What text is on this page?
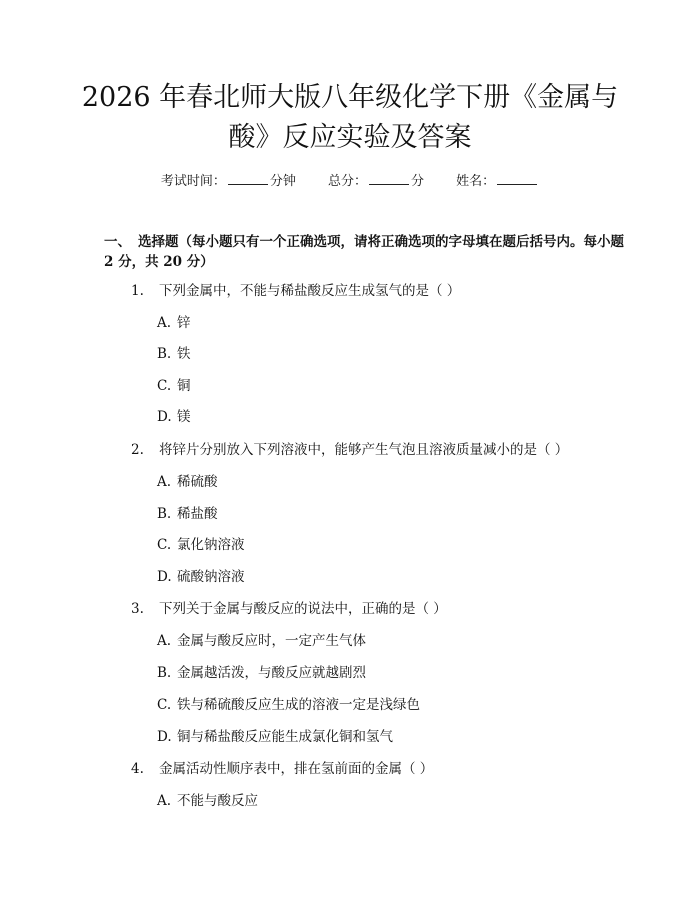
2026 年春北师大版八年级化学下册《金属与
酸》反应实验及答案
考试时间：	分钟 总分：	分 姓名：
一、 选择题（每小题只有一个正确选项，请将正确选项的字母填在题后括号内。每小题 2 分，共 20 分）
1. 下列金属中，不能与稀盐酸反应生成氢气的是（ ）
A. 锌
B. 铁
C. 铜
D. 镁
2. 将锌片分别放入下列溶液中，能够产生气泡且溶液质量减小的是（ ）
A. 稀硫酸
B. 稀盐酸
C. 氯化钠溶液
D. 硫酸钠溶液
3. 下列关于金属与酸反应的说法中，正确的是（ ）
A. 金属与酸反应时，一定产生气体
B. 金属越活泼，与酸反应就越剧烈
C. 铁与稀硫酸反应生成的溶液一定是浅绿色
D. 铜与稀盐酸反应能生成氯化铜和氢气
4. 金属活动性顺序表中，排在氢前面的金属（ ）
A. 不能与酸反应
